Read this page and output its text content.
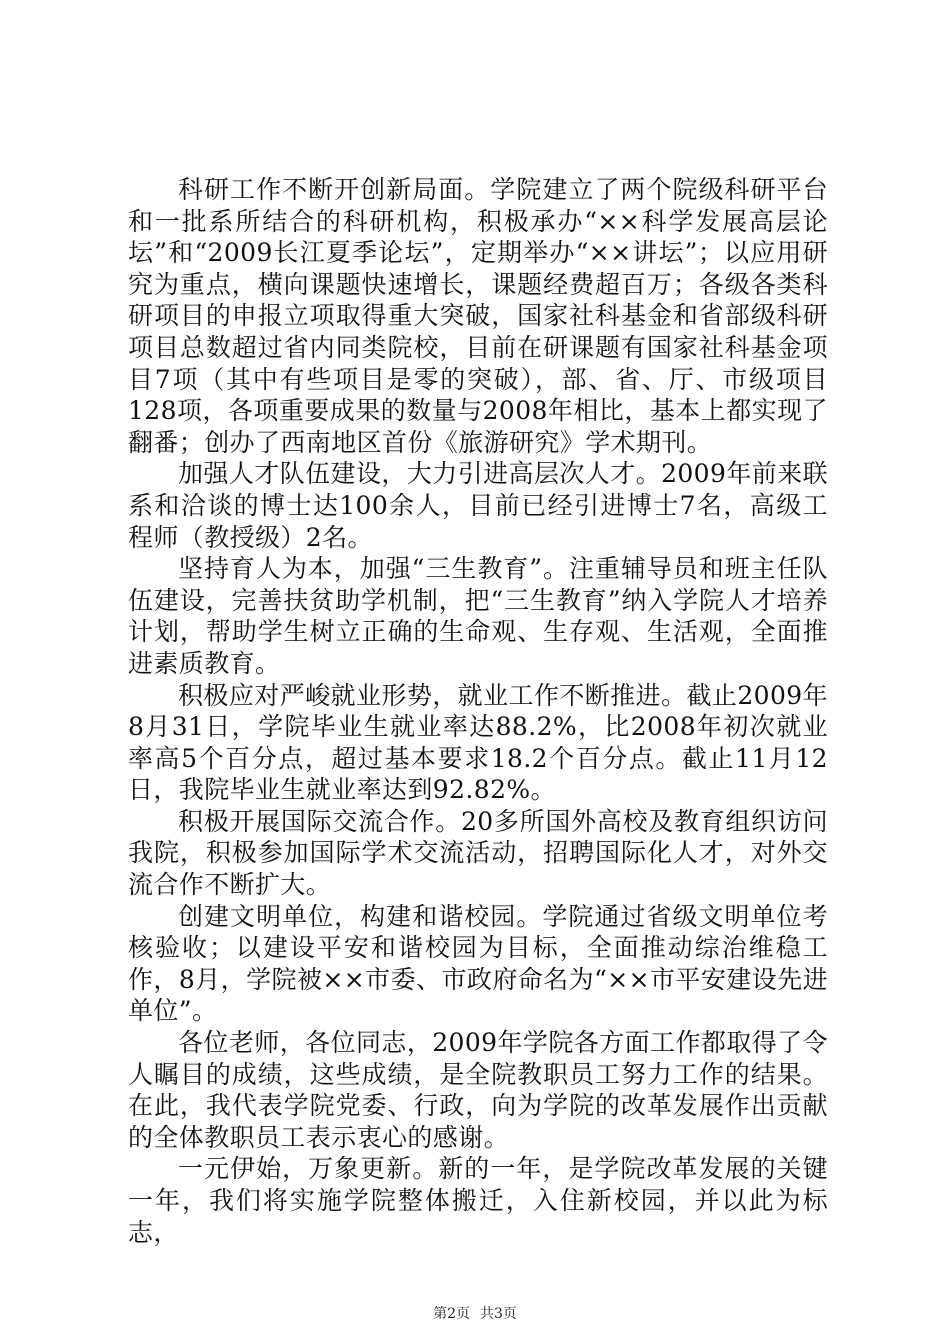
科研工作不断开创新局面。学院建立了两个院级科研平台和一批系所结合的科研机构，积极承办“××科学发展高层论坛”和“2009长江夏季论坛”，定期举办“××讲坛”；以应用研究为重点，横向课题快速增长，课题经费超百万；各级各类科研项目的申报立项取得重大突破，国家社科基金和省部级科研项目总数超过省内同类院校，目前在研课题有国家社科基金项目7项（其中有些项目是零的突破），部、省、厅、市级项目128项，各项重要成果的数量与2008年相比，基本上都实现了翻番；创办了西南地区首份《旅游研究》学术期刊。

加强人才队伍建设，大力引进高层次人才。2009年前来联系和洽谈的博士达100余人，目前已经引进博士7名，高级工程师（教授级）2名。

坚持育人为本，加强“三生教育”。注重辅导员和班主任队伍建设，完善扶贫助学机制，把“三生教育”纳入学院人才培养计划，帮助学生树立正确的生命观、生存观、生活观，全面推进素质教育。

积极应对严峻就业形势，就业工作不断推进。截止2009年8月31日，学院毕业生就业率达88.2%，比2008年初次就业率高5个百分点，超过基本要求18.2个百分点。截止11月12日，我院毕业生就业率达到92.82%。

积极开展国际交流合作。20多所国外高校及教育组织访问我院，积极参加国际学术交流活动，招聘国际化人才，对外交流合作不断扩大。

创建文明单位，构建和谐校园。学院通过省级文明单位考核验收；以建设平安和谐校园为目标，全面推动综治维稳工作，8月，学院被××市委、市政府命名为“××市平安建设先进单位”。

各位老师，各位同志，2009年学院各方面工作都取得了令人瞩目的成绩，这些成绩，是全院教职员工努力工作的结果。在此，我代表学院党委、行政，向为学院的改革发展作出贡献的全体教职员工表示衷心的感谢。

一元伊始，万象更新。新的一年，是学院改革发展的关键一年，我们将实施学院整体搬迁，入住新校园，并以此为标志，

第2页 共3页
